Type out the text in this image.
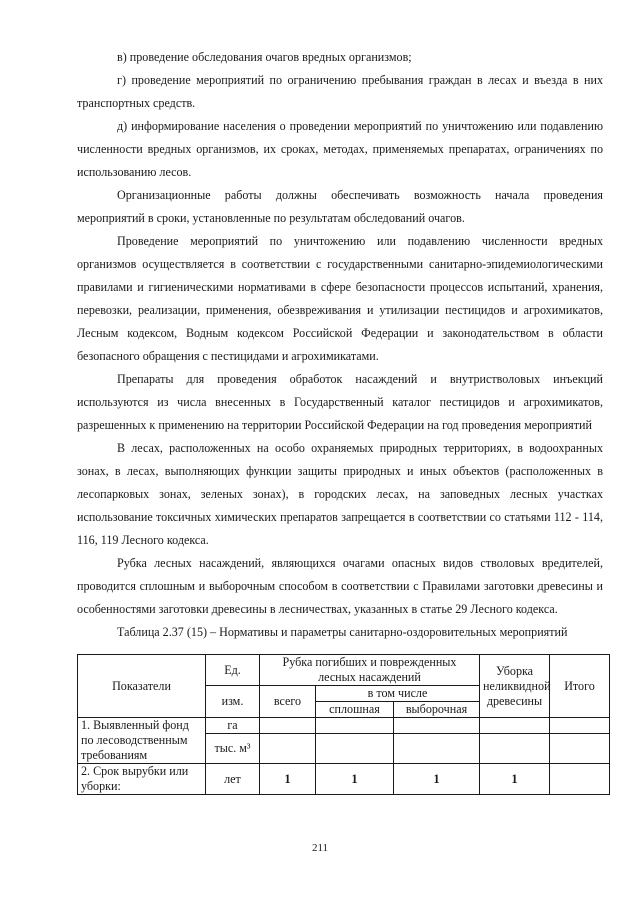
в) проведение обследования очагов вредных организмов;

г) проведение мероприятий по ограничению пребывания граждан в лесах и въезда в них транспортных средств.

д) информирование населения о проведении мероприятий по уничтожению или подавлению численности вредных организмов, их сроках, методах, применяемых препаратах, ограничениях по использованию лесов.

Организационные работы должны обеспечивать возможность начала проведения мероприятий в сроки, установленные по результатам обследований очагов.

Проведение мероприятий по уничтожению или подавлению численности вредных организмов осуществляется в соответствии с государственными санитарно-эпидемиологическими правилами и гигиеническими нормативами в сфере безопасности процессов испытаний, хранения, перевозки, реализации, применения, обезвреживания и утилизации пестицидов и агрохимикатов, Лесным кодексом, Водным кодексом Российской Федерации и законодательством в области безопасного обращения с пестицидами и агрохимикатами.

Препараты для проведения обработок насаждений и внутристволовых инъекций используются из числа внесенных в Государственный каталог пестицидов и агрохимикатов, разрешенных к применению на территории Российской Федерации на год проведения мероприятий

В лесах, расположенных на особо охраняемых природных территориях, в водоохранных зонах, в лесах, выполняющих функции защиты природных и иных объектов (расположенных в лесопарковых зонах, зеленых зонах), в городских лесах, на заповедных лесных участках использование токсичных химических препаратов запрещается в соответствии со статьями 112 - 114, 116, 119 Лесного кодекса.

Рубка лесных насаждений, являющихся очагами опасных видов стволовых вредителей, проводится сплошным и выборочным способом в соответствии с Правилами заготовки древесины и особенностями заготовки древесины в лесничествах, указанных в статье 29 Лесного кодекса.

Таблица 2.37 (15) – Нормативы и параметры санитарно-оздоровительных мероприятий
Показатели	Ед.	Рубка погибших и поврежденных лесных насаждений			Уборка неликвидной древесины	Итого
	изм.	всего	в том числе			
			сплошная	выборочная		
1. Выявленный фонд по лесоводственным требованиям	га					
	тыс. м³					
2. Срок вырубки или уборки:	лет	1	1	1	1	
211
